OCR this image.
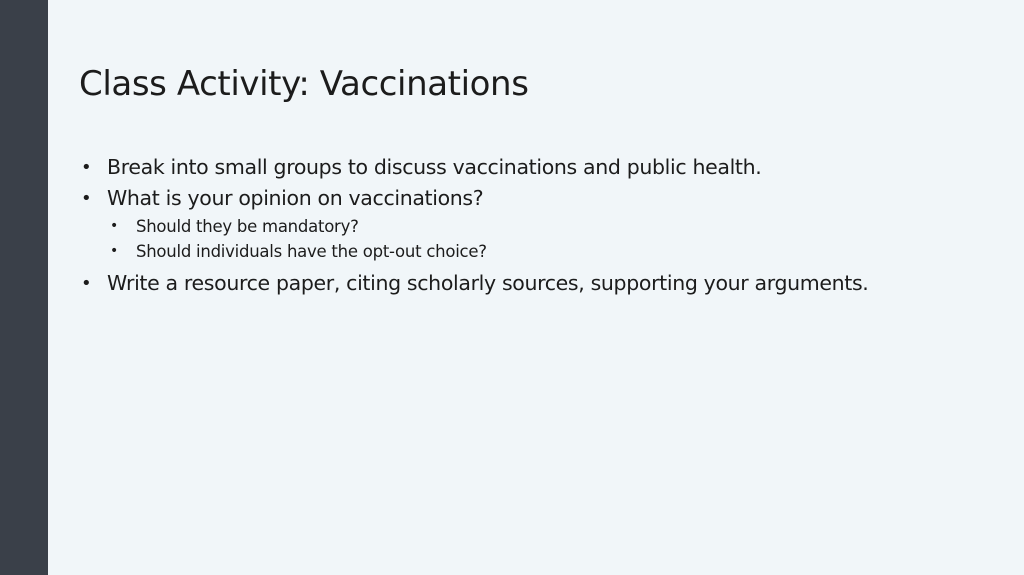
Class Activity: Vaccinations
• Break into small groups to discuss vaccinations and public health.
• What is your opinion on vaccinations?
• Should they be mandatory?
• Should individuals have the opt-out choice?
• Write a resource paper, citing scholarly sources, supporting your arguments.
